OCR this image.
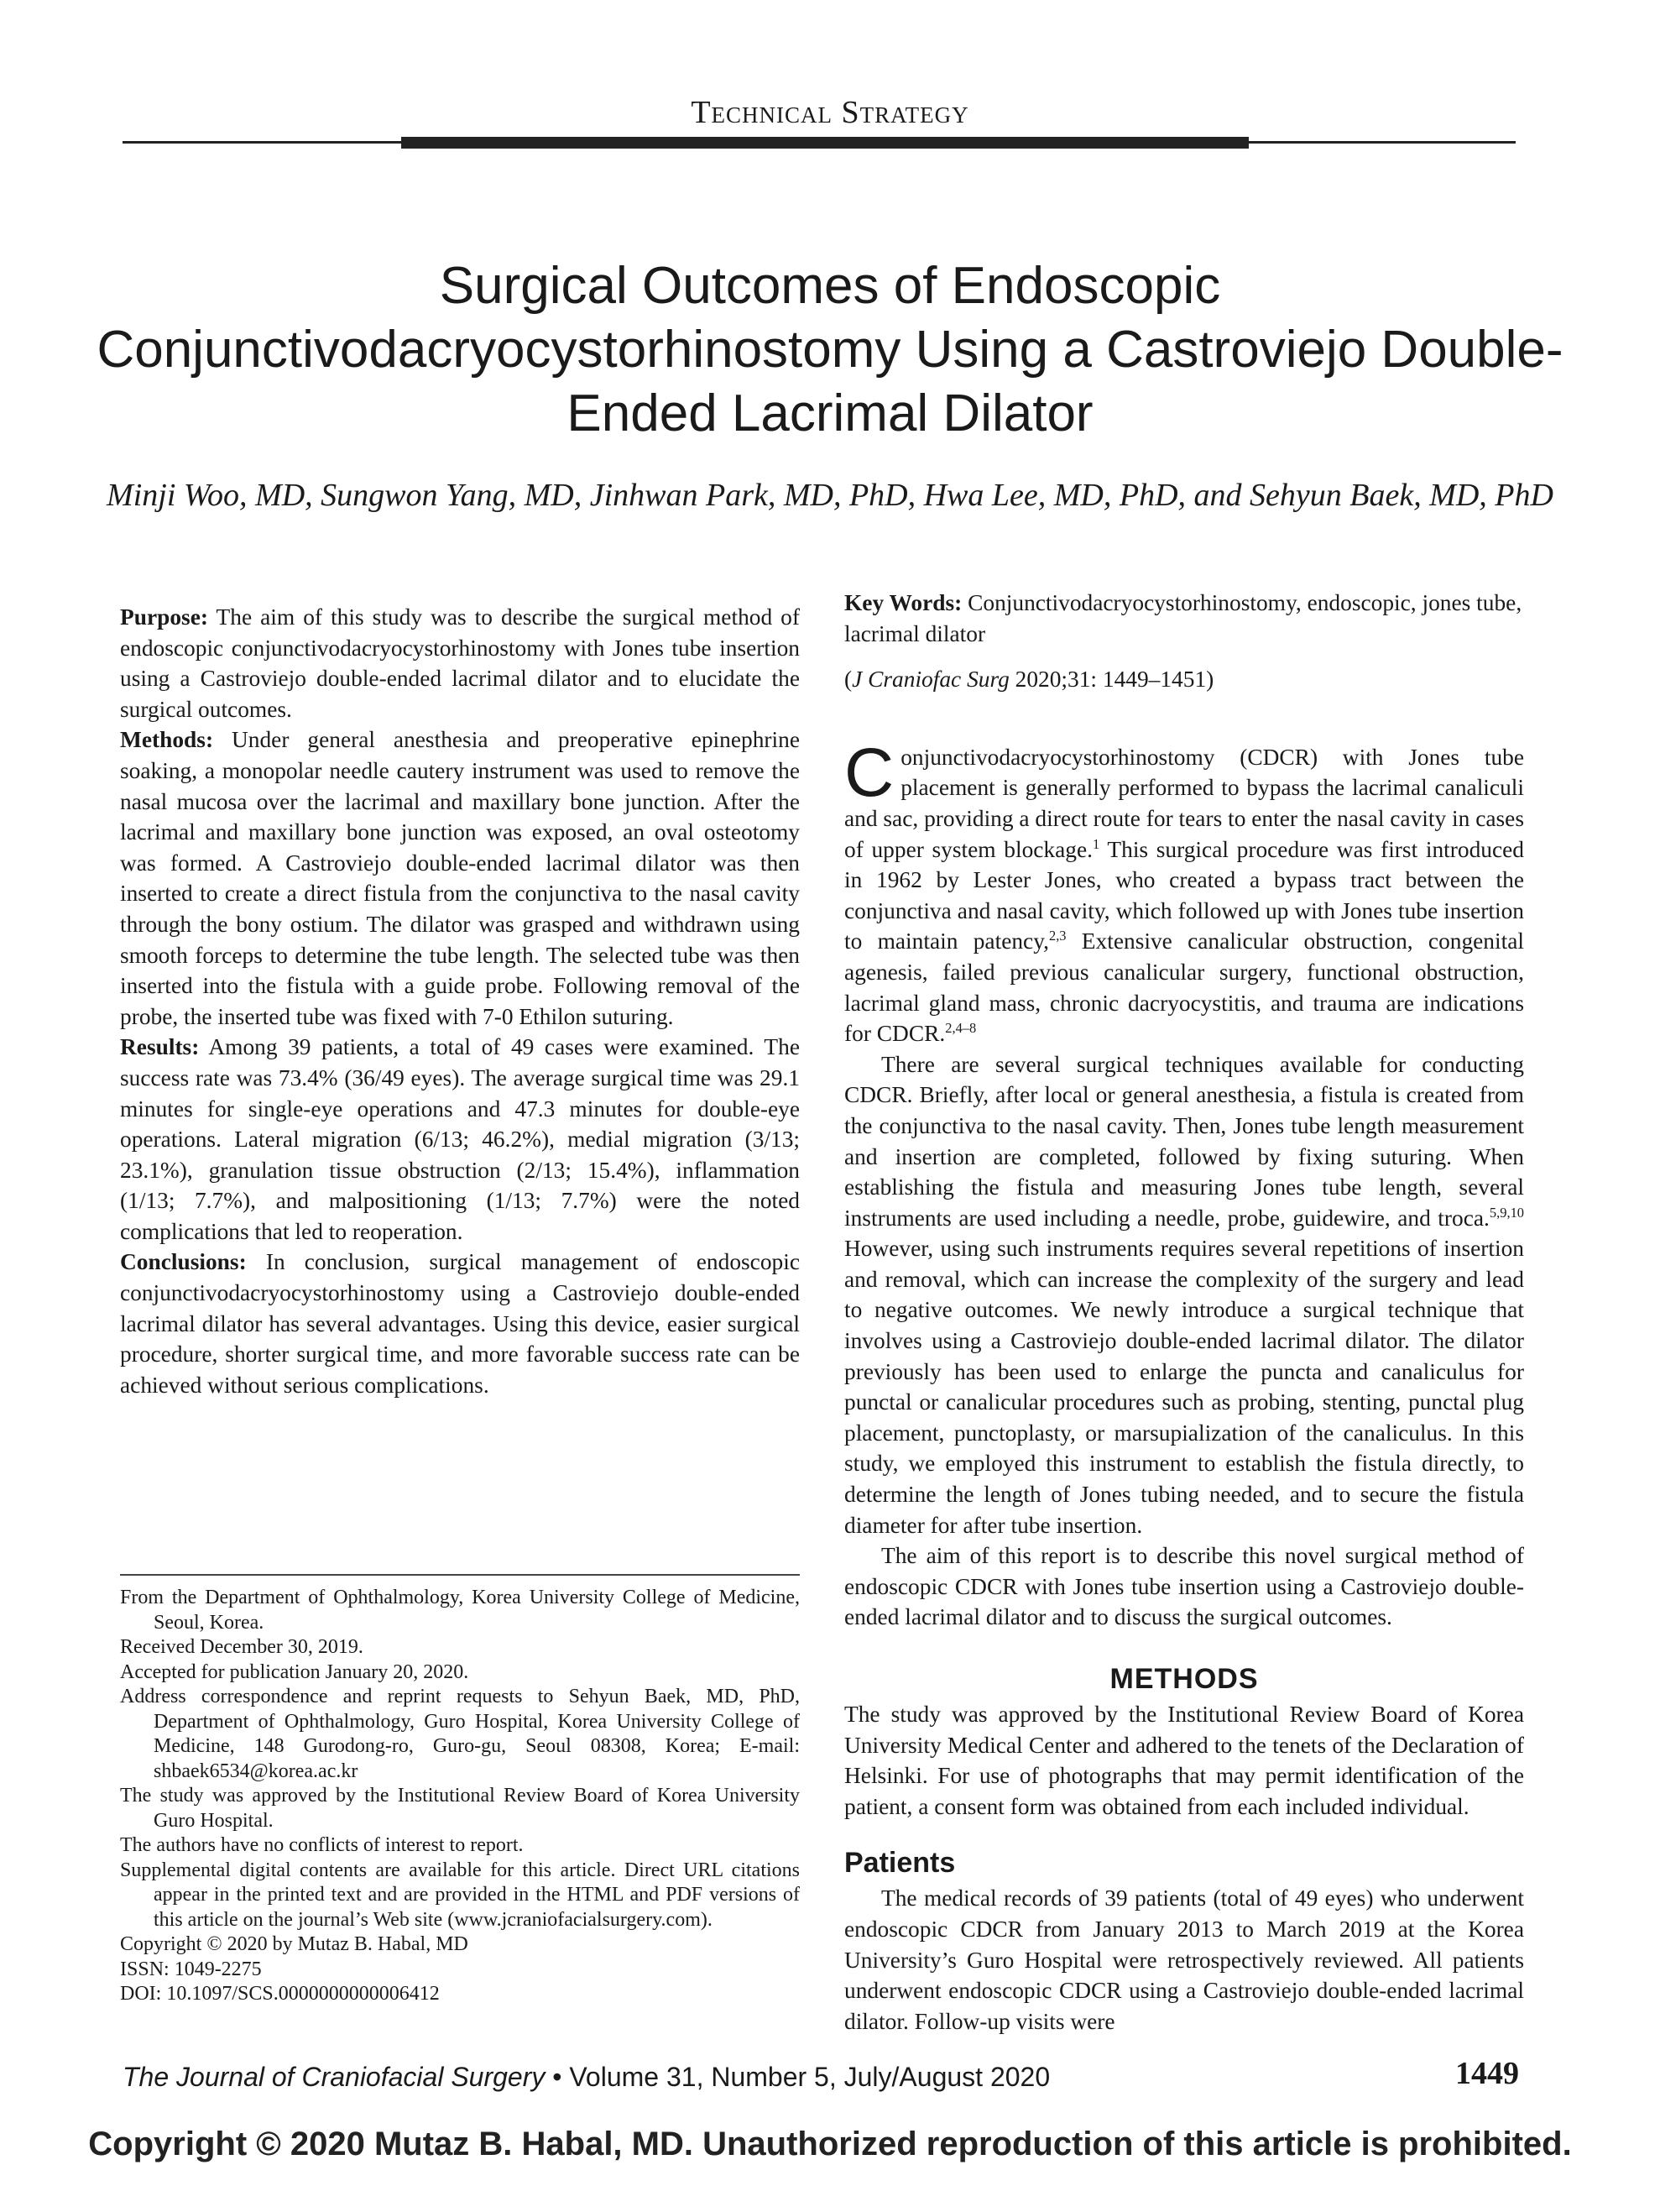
Technical Strategy
Surgical Outcomes of Endoscopic Conjunctivodacryocystorhinostomy Using a Castroviejo Double-Ended Lacrimal Dilator
Minji Woo, MD, Sungwon Yang, MD, Jinhwan Park, MD, PhD, Hwa Lee, MD, PhD, and Sehyun Baek, MD, PhD

Purpose: The aim of this study was to describe the surgical method of endoscopic conjunctivodacryocystorhinostomy with Jones tube insertion using a Castroviejo double-ended lacrimal dilator and to elucidate the surgical outcomes.

Methods: Under general anesthesia and preoperative epinephrine soaking, a monopolar needle cautery instrument was used to remove the nasal mucosa over the lacrimal and maxillary bone junction. After the lacrimal and maxillary bone junction was exposed, an oval osteotomy was formed. A Castroviejo double-ended lacrimal dilator was then inserted to create a direct fistula from the conjunctiva to the nasal cavity through the bony ostium. The dilator was grasped and withdrawn using smooth forceps to determine the tube length. The selected tube was then inserted into the fistula with a guide probe. Following removal of the probe, the inserted tube was fixed with 7-0 Ethilon suturing.

Results: Among 39 patients, a total of 49 cases were examined. The success rate was 73.4% (36/49 eyes). The average surgical time was 29.1 minutes for single-eye operations and 47.3 minutes for double-eye operations. Lateral migration (6/13; 46.2%), medial migration (3/13; 23.1%), granulation tissue obstruction (2/13; 15.4%), inflammation (1/13; 7.7%), and malpositioning (1/13; 7.7%) were the noted complications that led to reoperation.

Conclusions: In conclusion, surgical management of endoscopic conjunctivodacryocystorhinostomy using a Castroviejo double-ended lacrimal dilator has several advantages. Using this device, easier surgical procedure, shorter surgical time, and more favorable success rate can be achieved without serious complications.

From the Department of Ophthalmology, Korea University College of Medicine, Seoul, Korea.

Received December 30, 2019.

Accepted for publication January 20, 2020.

Address correspondence and reprint requests to Sehyun Baek, MD, PhD, Department of Ophthalmology, Guro Hospital, Korea University College of Medicine, 148 Gurodong-ro, Guro-gu, Seoul 08308, Korea; E-mail: shbaek6534@korea.ac.kr

The study was approved by the Institutional Review Board of Korea University Guro Hospital.

The authors have no conflicts of interest to report.

Supplemental digital contents are available for this article. Direct URL citations appear in the printed text and are provided in the HTML and PDF versions of this article on the journal’s Web site (www.jcraniofacialsurgery.com).

Copyright © 2020 by Mutaz B. Habal, MD

ISSN: 1049-2275

DOI: 10.1097/SCS.0000000000006412

Key Words: Conjunctivodacryocystorhinostomy, endoscopic, jones tube, lacrimal dilator

(J Craniofac Surg 2020;31: 1449–1451)

Conjunctivodacryocystorhinostomy (CDCR) with Jones tube placement is generally performed to bypass the lacrimal canaliculi and sac, providing a direct route for tears to enter the nasal cavity in cases of upper system blockage.$^1$ This surgical procedure was first introduced in 1962 by Lester Jones, who created a bypass tract between the conjunctiva and nasal cavity, which followed up with Jones tube insertion to maintain patency,$^{2,3}$ Extensive canalicular obstruction, congenital agenesis, failed previous canalicular surgery, functional obstruction, lacrimal gland mass, chronic dacryocystitis, and trauma are indications for CDCR.$^{2,4-8}$

There are several surgical techniques available for conducting CDCR. Briefly, after local or general anesthesia, a fistula is created from the conjunctiva to the nasal cavity. Then, Jones tube length measurement and insertion are completed, followed by fixing suturing. When establishing the fistula and measuring Jones tube length, several instruments are used including a needle, probe, guidewire, and troca.$^{5,9,10}$ However, using such instruments requires several repetitions of insertion and removal, which can increase the complexity of the surgery and lead to negative outcomes. We newly introduce a surgical technique that involves using a Castroviejo double-ended lacrimal dilator. The dilator previously has been used to enlarge the puncta and canaliculus for punctal or canalicular procedures such as probing, stenting, punctal plug placement, punctoplasty, or marsupialization of the canaliculus. In this study, we employed this instrument to establish the fistula directly, to determine the length of Jones tubing needed, and to secure the fistula diameter for after tube insertion.

The aim of this report is to describe this novel surgical method of endoscopic CDCR with Jones tube insertion using a Castroviejo double-ended lacrimal dilator and to discuss the surgical outcomes.

METHODS

The study was approved by the Institutional Review Board of Korea University Medical Center and adhered to the tenets of the Declaration of Helsinki. For use of photographs that may permit identification of the patient, a consent form was obtained from each included individual.

Patients

The medical records of 39 patients (total of 49 eyes) who underwent endoscopic CDCR from January 2013 to March 2019 at the Korea University’s Guro Hospital were retrospectively reviewed. All patients underwent endoscopic CDCR using a Castroviejo double-ended lacrimal dilator. Follow-up visits were

The Journal of Craniofacial Surgery • Volume 31, Number 5, July/August 2020	1449
Copyright © 2020 Mutaz B. Habal, MD. Unauthorized reproduction of this article is prohibited.
